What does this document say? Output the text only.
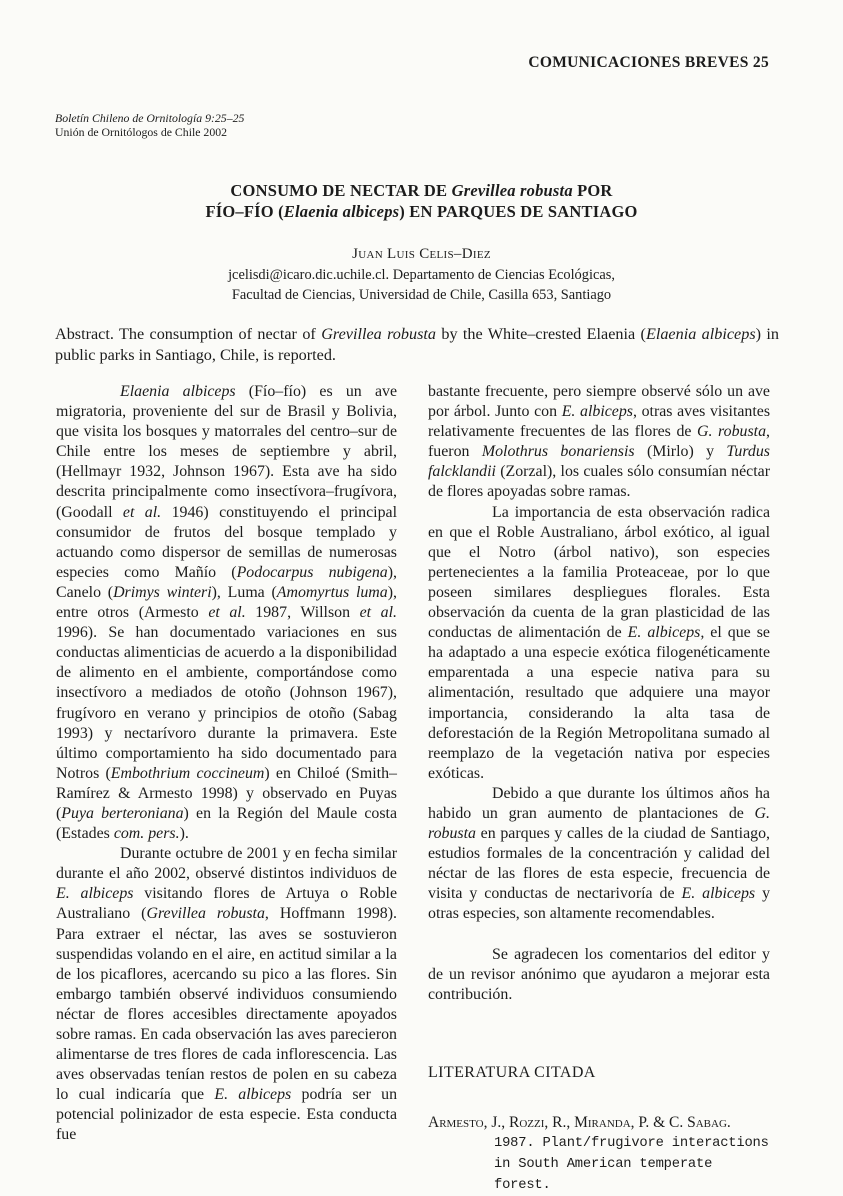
COMUNICACIONES BREVES 25
Boletín Chileno de Ornitología 9:25–25
Unión de Ornitólogos de Chile 2002
CONSUMO DE NECTAR DE Grevillea robusta POR
FÍO–FÍO (Elaenia albiceps) EN PARQUES DE SANTIAGO
Juan Luis Celis–Diez
jcelisdi@icaro.dic.uchile.cl. Departamento de Ciencias Ecológicas,
Facultad de Ciencias, Universidad de Chile, Casilla 653, Santiago
Abstract. The consumption of nectar of Grevillea robusta by the White–crested Elaenia (Elaenia albiceps) in public parks in Santiago, Chile, is reported.

Elaenia albiceps (Fío–fío) es un ave migratoria, proveniente del sur de Brasil y Bolivia, que visita los bosques y matorrales del centro–sur de Chile entre los meses de septiembre y abril, (Hellmayr 1932, Johnson 1967). Esta ave ha sido descrita principalmente como insectívora–frugívora, (Goodall et al. 1946) constituyendo el principal consumidor de frutos del bosque templado y actuando como dispersor de semillas de numerosas especies como Mañío (Podocarpus nubigena), Canelo (Drimys winteri), Luma (Amomyrtus luma), entre otros (Armesto et al. 1987, Willson et al. 1996). Se han documentado variaciones en sus conductas alimenticias de acuerdo a la disponibilidad de alimento en el ambiente, comportándose como insectívoro a mediados de otoño (Johnson 1967), frugívoro en verano y principios de otoño (Sabag 1993) y nectarívoro durante la primavera. Este último comportamiento ha sido documentado para Notros (Embothrium coccineum) en Chiloé (Smith–Ramírez & Armesto 1998) y observado en Puyas (Puya berteroniana) en la Región del Maule costa (Estades com. pers.).

Durante octubre de 2001 y en fecha similar durante el año 2002, observé distintos individuos de E. albiceps visitando flores de Artuya o Roble Australiano (Grevillea robusta, Hoffmann 1998). Para extraer el néctar, las aves se sostuvieron suspendidas volando en el aire, en actitud similar a la de los picaflores, acercando su pico a las flores. Sin embargo también observé individuos consumiendo néctar de flores accesibles directamente apoyados sobre ramas. En cada observación las aves parecieron alimentarse de tres flores de cada inflorescencia. Las aves observadas tenían restos de polen en su cabeza lo cual indicaría que E. albiceps podría ser un potencial polinizador de esta especie. Esta conducta fue

bastante frecuente, pero siempre observé sólo un ave por árbol. Junto con E. albiceps, otras aves visitantes relativamente frecuentes de las flores de G. robusta, fueron Molothrus bonariensis (Mirlo) y Turdus falcklandii (Zorzal), los cuales sólo consumían néctar de flores apoyadas sobre ramas.

La importancia de esta observación radica en que el Roble Australiano, árbol exótico, al igual que el Notro (árbol nativo), son especies pertenecientes a la familia Proteaceae, por lo que poseen similares despliegues florales. Esta observación da cuenta de la gran plasticidad de las conductas de alimentación de E. albiceps, el que se ha adaptado a una especie exótica filogenéticamente emparentada a una especie nativa para su alimentación, resultado que adquiere una mayor importancia, considerando la alta tasa de deforestación de la Región Metropolitana sumado al reemplazo de la vegetación nativa por especies exóticas.

Debido a que durante los últimos años ha habido un gran aumento de plantaciones de G. robusta en parques y calles de la ciudad de Santiago, estudios formales de la concentración y calidad del néctar de las flores de esta especie, frecuencia de visita y conductas de nectarivoría de E. albiceps y otras especies, son altamente recomendables.

Se agradecen los comentarios del editor y de un revisor anónimo que ayudaron a mejorar esta contribución.

LITERATURA CITADA

Armesto, J., Rozzi, R., Miranda, P. & C. Sabag.
1987. Plant/frugivore interactions in South American temperate forest.
